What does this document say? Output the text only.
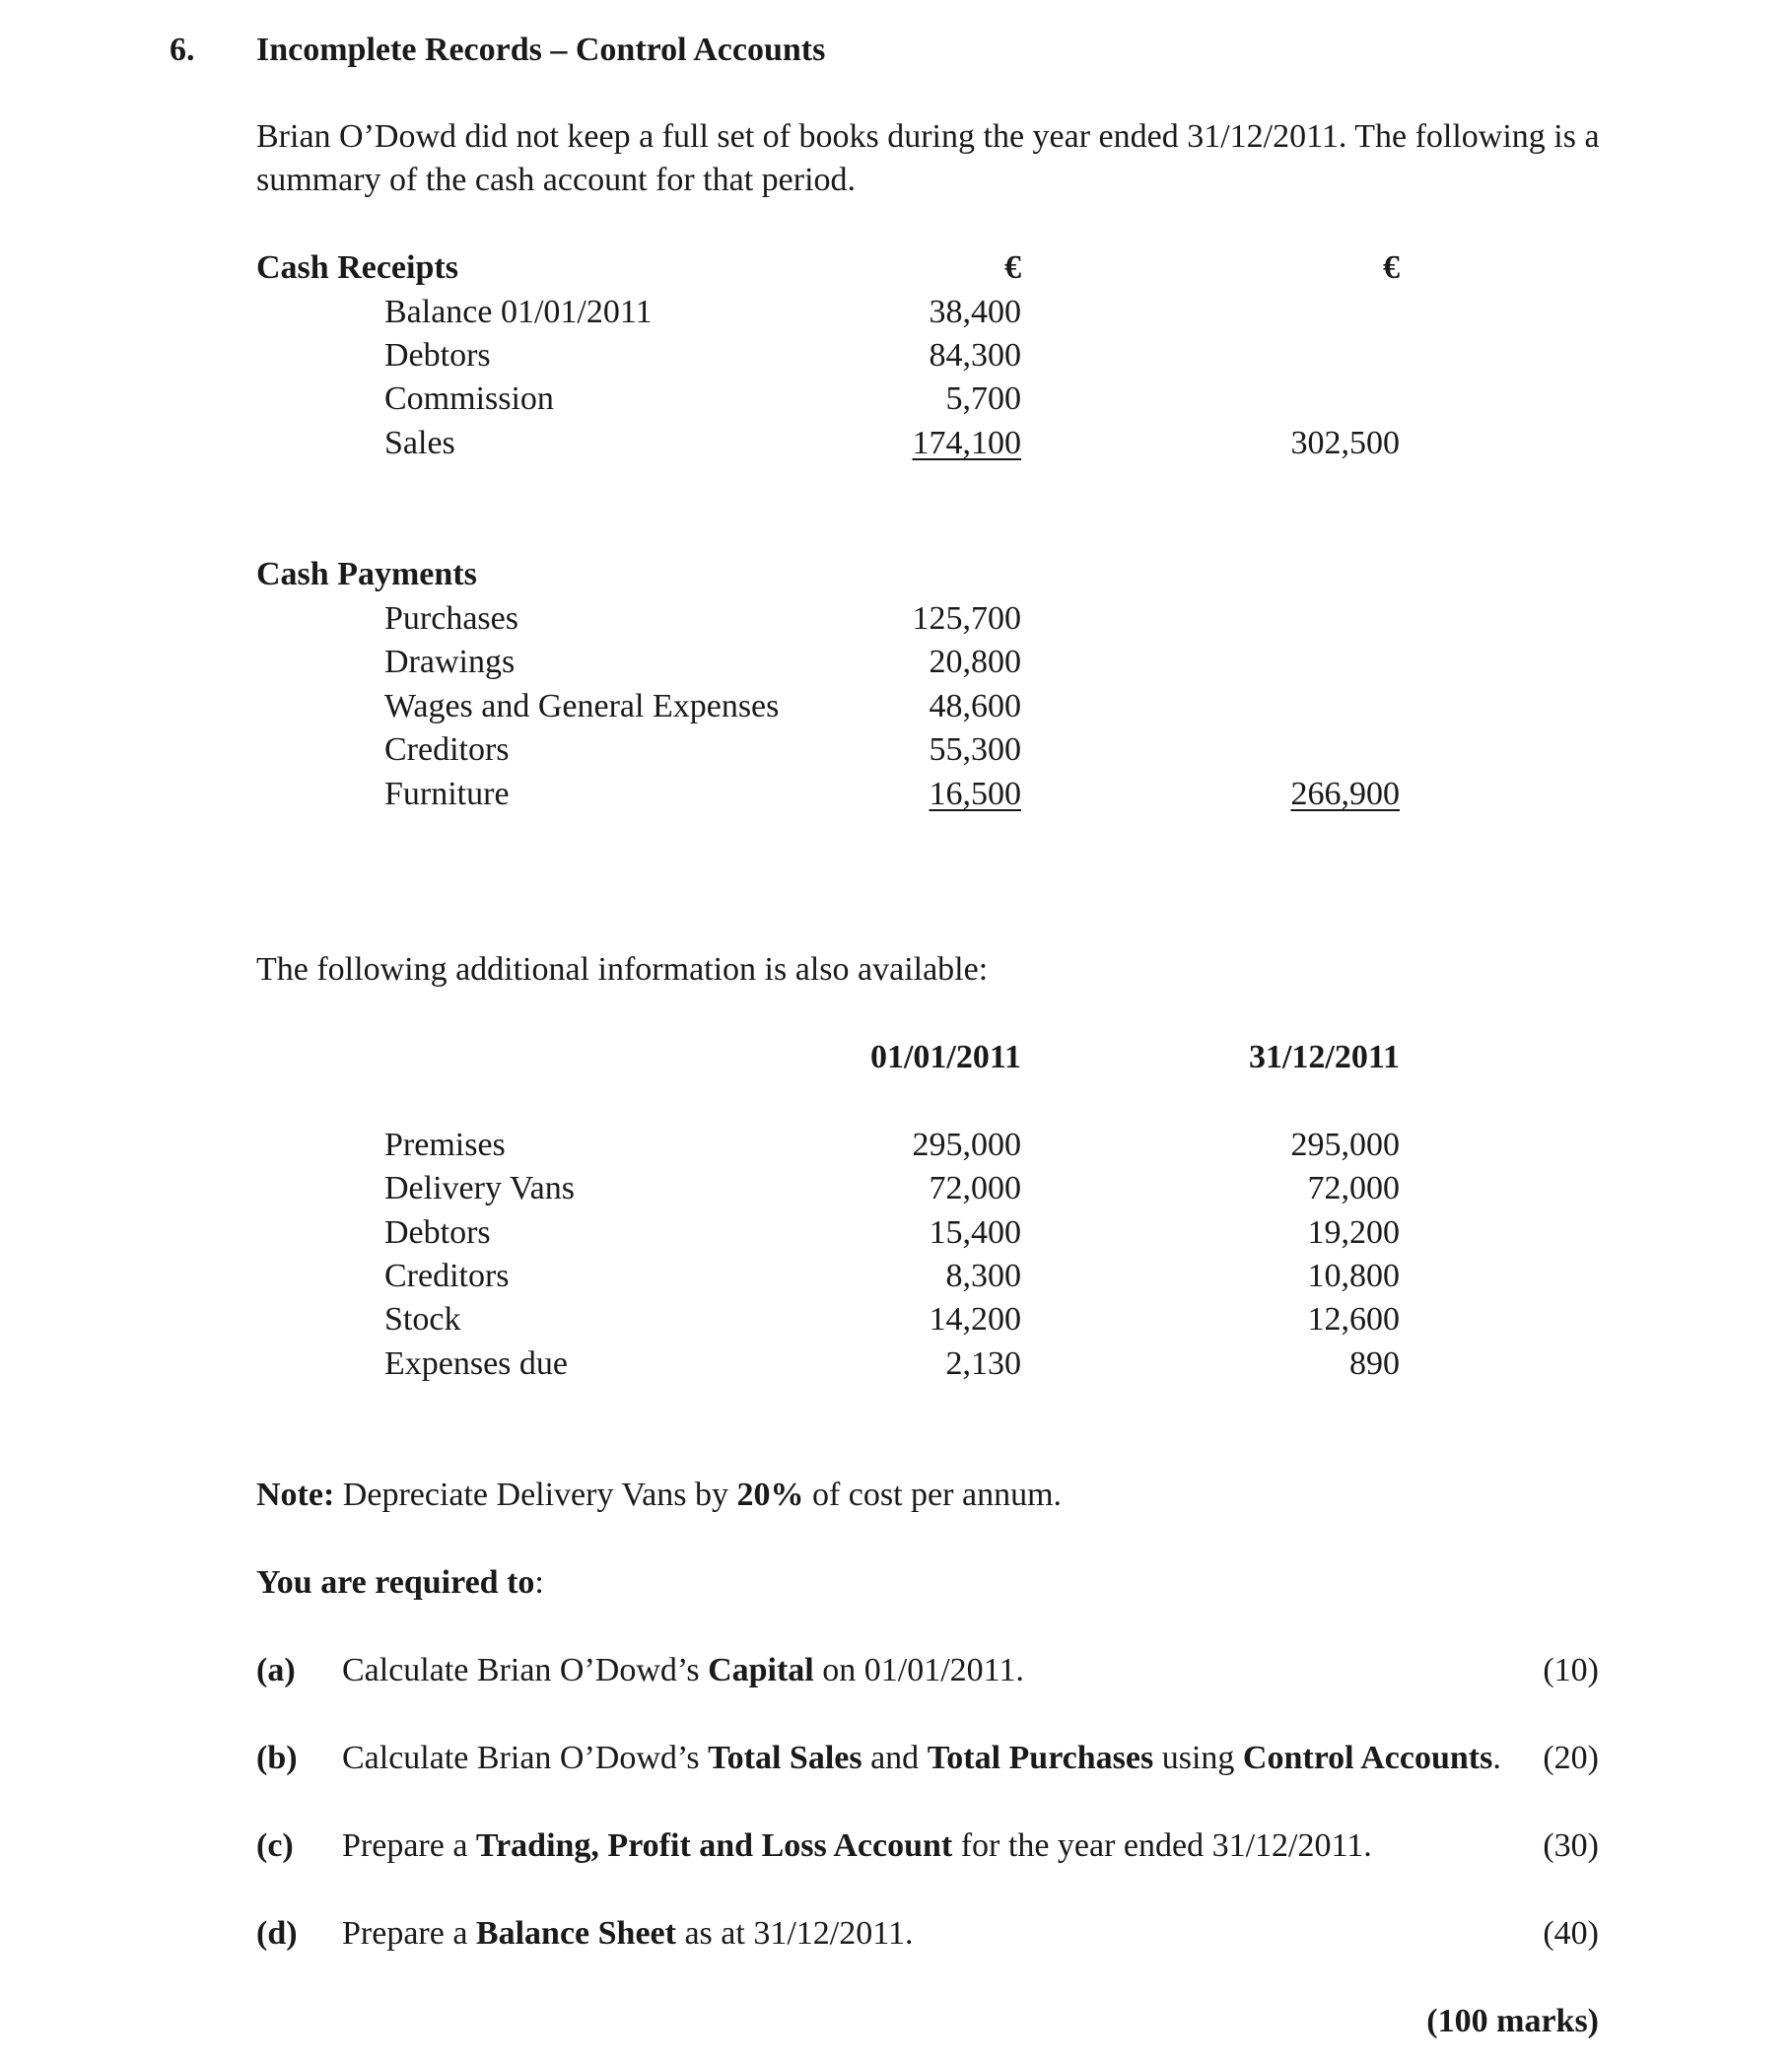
6. Incomplete Records – Control Accounts
Brian O’Dowd did not keep a full set of books during the year ended 31/12/2011. The following is a
summary of the cash account for that period.
Cash Receipts	€	€
Balance 01/01/2011	38,400
Debtors	84,300
Commission	5,700
Sales	174,100	302,500
Cash Payments
Purchases	125,700
Drawings	20,800
Wages and General Expenses	48,600
Creditors	55,300
Furniture	16,500	266,900
The following additional information is also available:
01/01/2011	31/12/2011
Premises	295,000	295,000
Delivery Vans	72,000	72,000
Debtors	15,400	19,200
Creditors	8,300	10,800
Stock	14,200	12,600
Expenses due	2,130	890
Note: Depreciate Delivery Vans by 20% of cost per annum.
You are required to:
(a) Calculate Brian O’Dowd’s Capital on 01/01/2011.	(10)
(b) Calculate Brian O’Dowd’s Total Sales and Total Purchases using Control Accounts.	(20)
(c) Prepare a Trading, Profit and Loss Account for the year ended 31/12/2011.	(30)
(d) Prepare a Balance Sheet as at 31/12/2011.	(40)
(100 marks)
